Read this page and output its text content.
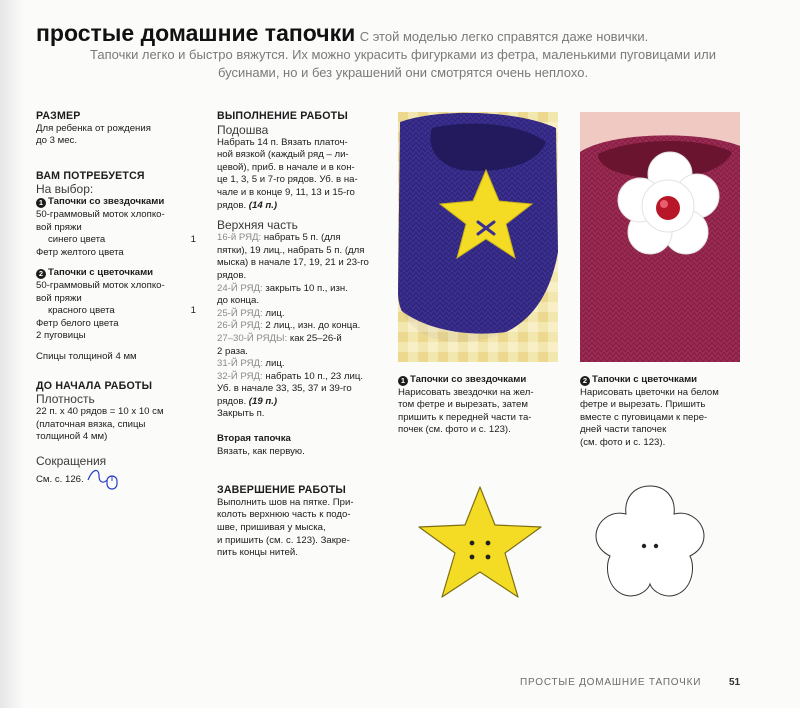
простые домашние тапочки С этой моделью легко справятся даже новички.
Тапочки легко и быстро вяжутся. Их можно украсить фигурками из фетра, маленькими пуговицами или бусинами, но и без украшений они смотрятся очень неплохо.
РАЗМЕР
Для ребенка от рождения
до 3 мес.
ВАМ ПОТРЕБУЕТСЯ
На выбор:
1 Тапочки со звездочками
50-граммовый моток хлопко-
вой пряжи
синего цвета	1
Фетр желтого цвета
2 Тапочки с цветочками
50-граммовый моток хлопко-
вой пряжи
красного цвета	1
Фетр белого цвета
2 пуговицы
Спицы толщиной 4 мм
ДО НАЧАЛА РАБОТЫ
Плотность
22 п. х 40 рядов = 10 х 10 см
(платочная вязка, спицы
толщиной 4 мм)
Сокращения
См. с. 126.
ВЫПОЛНЕНИЕ РАБОТЫ
Подошва
Набрать 14 п. Вязать платоч-
ной вязкой (каждый ряд – ли-
цевой), приб. в начале и в кон-
це 1, 3, 5 и 7-го рядов. Уб. в на-
чале и в конце 9, 11, 13 и 15-го
рядов. (14 п.)
Верхняя часть
16-й РЯД: набрать 5 п. (для
пятки), 19 лиц., набрать 5 п. (для
мыска) в начале 17, 19, 21 и 23-го
рядов.
24-Й РЯД: закрыть 10 п., изн.
до конца.
25-Й РЯД: лиц.
26-Й РЯД: 2 лиц., изн. до конца.
27–30-Й РЯДЫ: как 25–26-й
2 раза.
31-Й РЯД: лиц.
32-Й РЯД: набрать 10 п., 23 лиц.
Уб. в начале 33, 35, 37 и 39-го
рядов. (19 п.)
Закрыть п.
Вторая тапочка
Вязать, как первую.
ЗАВЕРШЕНИЕ РАБОТЫ
Выполнить шов на пятке. При-
колоть верхнюю часть к подо-
шве, пришивая у мыска,
и пришить (см. с. 123). Закре-
пить концы нитей.
1 Тапочки со звездочками
Нарисовать звездочки на жел-
том фетре и вырезать, затем
пришить к передней части та-
почек (см. фото и с. 123).
2 Тапочки с цветочками
Нарисовать цветочки на белом
фетре и вырезать. Пришить
вместе с пуговицами к пере-
дней части тапочек
(см. фото и с. 123).
ПРОСТЫЕ ДОМАШНИЕ ТАПОЧКИ	51
